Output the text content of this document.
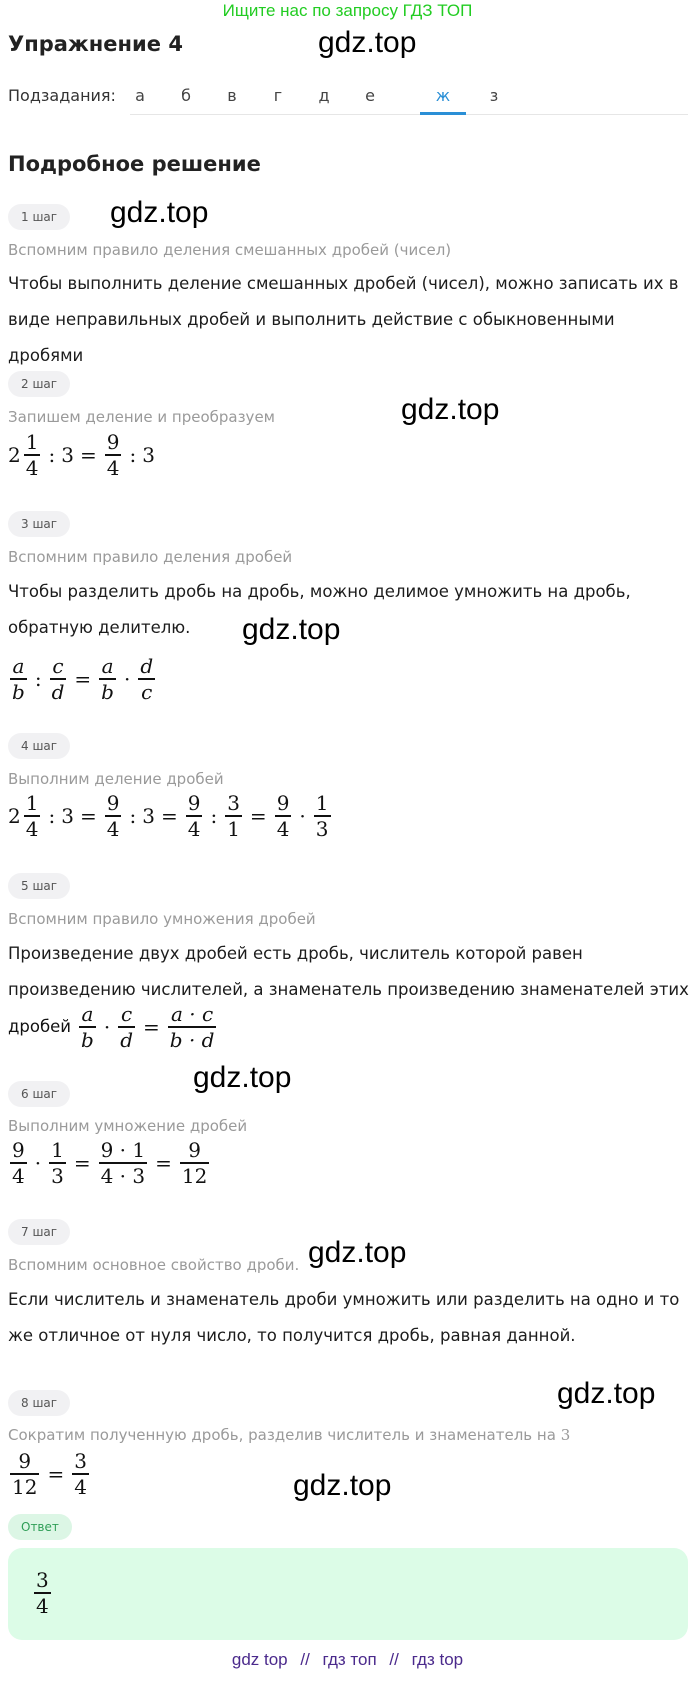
Ищите нас по запросу ГДЗ ТОП
Упражнение 4	gdz.top
Подзадания:	а	б	в	г	д	е	ж	з
Подробное решение
1 шаг	gdz.top
Вспомним правило деления смешанных дробей (чисел)
Чтобы выполнить деление смешанных дробей (чисел), можно записать их в виде неправильных дробей и выполнить действие с обыкновенными дробями
2 шаг
gdz.top
Запишем деление и преобразуем
$2 \frac{1}{4}$ : $3 = \frac{9}{4}$ : 3
3 шаг
Вспомним правило деления дробей
Чтобы разделить дробь на дробь, можно делимое умножить на дробь, обратную делителю.	gdz.top
$\frac{a}{b}$ : $\frac{c}{d} = \frac{a}{b} \cdot \frac{d}{c}$
4 шаг
Выполним деление дробей
$2 \frac{1}{4}$ : $3 = \frac{9}{4}$ : $3 = \frac{9}{4}$ : $\frac{3}{1} = \frac{9}{4} \cdot \frac{1}{3}$
5 шаг
Вспомним правило умножения дробей
Произведение двух дробей есть дробь, числитель которой равен произведению числителей, а знаменатель произведению знаменателей этих
дробей $\frac{a}{b} \cdot \frac{c}{d} = \frac{a \cdot c}{b \cdot d}$
gdz.top
6 шаг
Выполним умножение дробей
$\frac{9}{4} \cdot \frac{1}{3} = \frac{9 \cdot 1}{4 \cdot 3} = \frac{9}{12}$
7 шаг
Вспомним основное свойство дроби. gdz.top
Если числитель и знаменатель дроби умножить или разделить на одно и то же отличное от нуля число, то получится дробь, равная данной.
gdz.top
8 шаг
Сократим полученную дробь, разделив числитель и знаменатель на 3
$\frac{9}{12} = \frac{3}{4}$	gdz.top
Ответ
$\frac{3}{4}$
gdz top // гдз топ // гдз top
